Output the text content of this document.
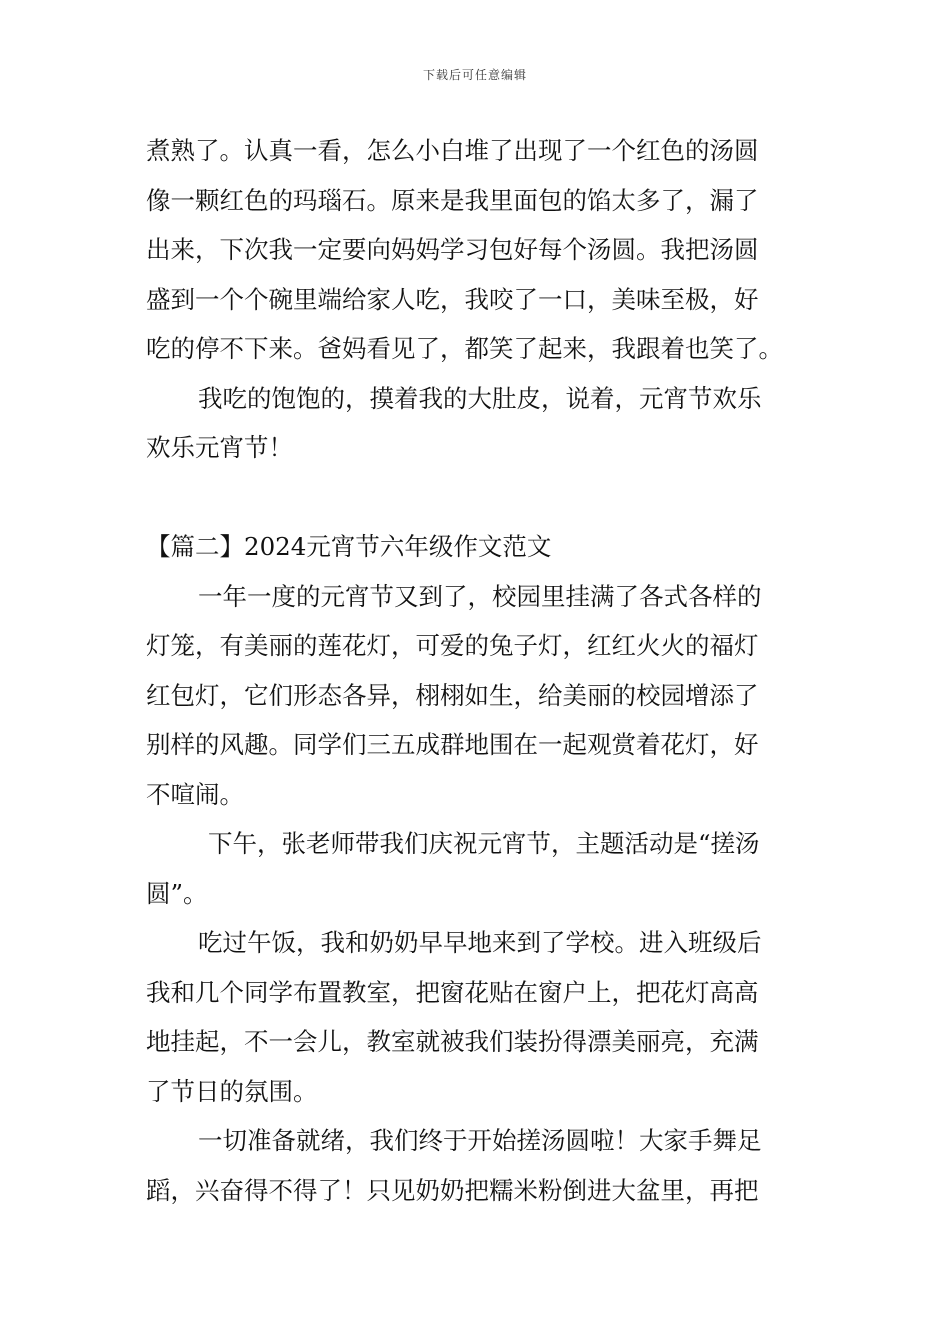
下载后可任意编辑
煮熟了。认真一看，怎么小白堆了出现了一个红色的汤圆
像一颗红色的玛瑙石。原来是我里面包的馅太多了，漏了
出来，下次我一定要向妈妈学习包好每个汤圆。我把汤圆
盛到一个个碗里端给家人吃，我咬了一口，美味至极，好
吃的停不下来。爸妈看见了，都笑了起来，我跟着也笑了。
我吃的饱饱的，摸着我的大肚皮，说着，元宵节欢乐
欢乐元宵节！
【篇二】2024元宵节六年级作文范文
一年一度的元宵节又到了，校园里挂满了各式各样的
灯笼，有美丽的莲花灯，可爱的兔子灯，红红火火的福灯
红包灯，它们形态各异，栩栩如生，给美丽的校园增添了
别样的风趣。同学们三五成群地围在一起观赏着花灯，好
不喧闹。
下午，张老师带我们庆祝元宵节，主题活动是“搓汤
圆”。
吃过午饭，我和奶奶早早地来到了学校。进入班级后
我和几个同学布置教室，把窗花贴在窗户上，把花灯高高
地挂起，不一会儿，教室就被我们装扮得漂美丽亮，充满
了节日的氛围。
一切准备就绪，我们终于开始搓汤圆啦！大家手舞足
蹈，兴奋得不得了！只见奶奶把糯米粉倒进大盆里，再把
